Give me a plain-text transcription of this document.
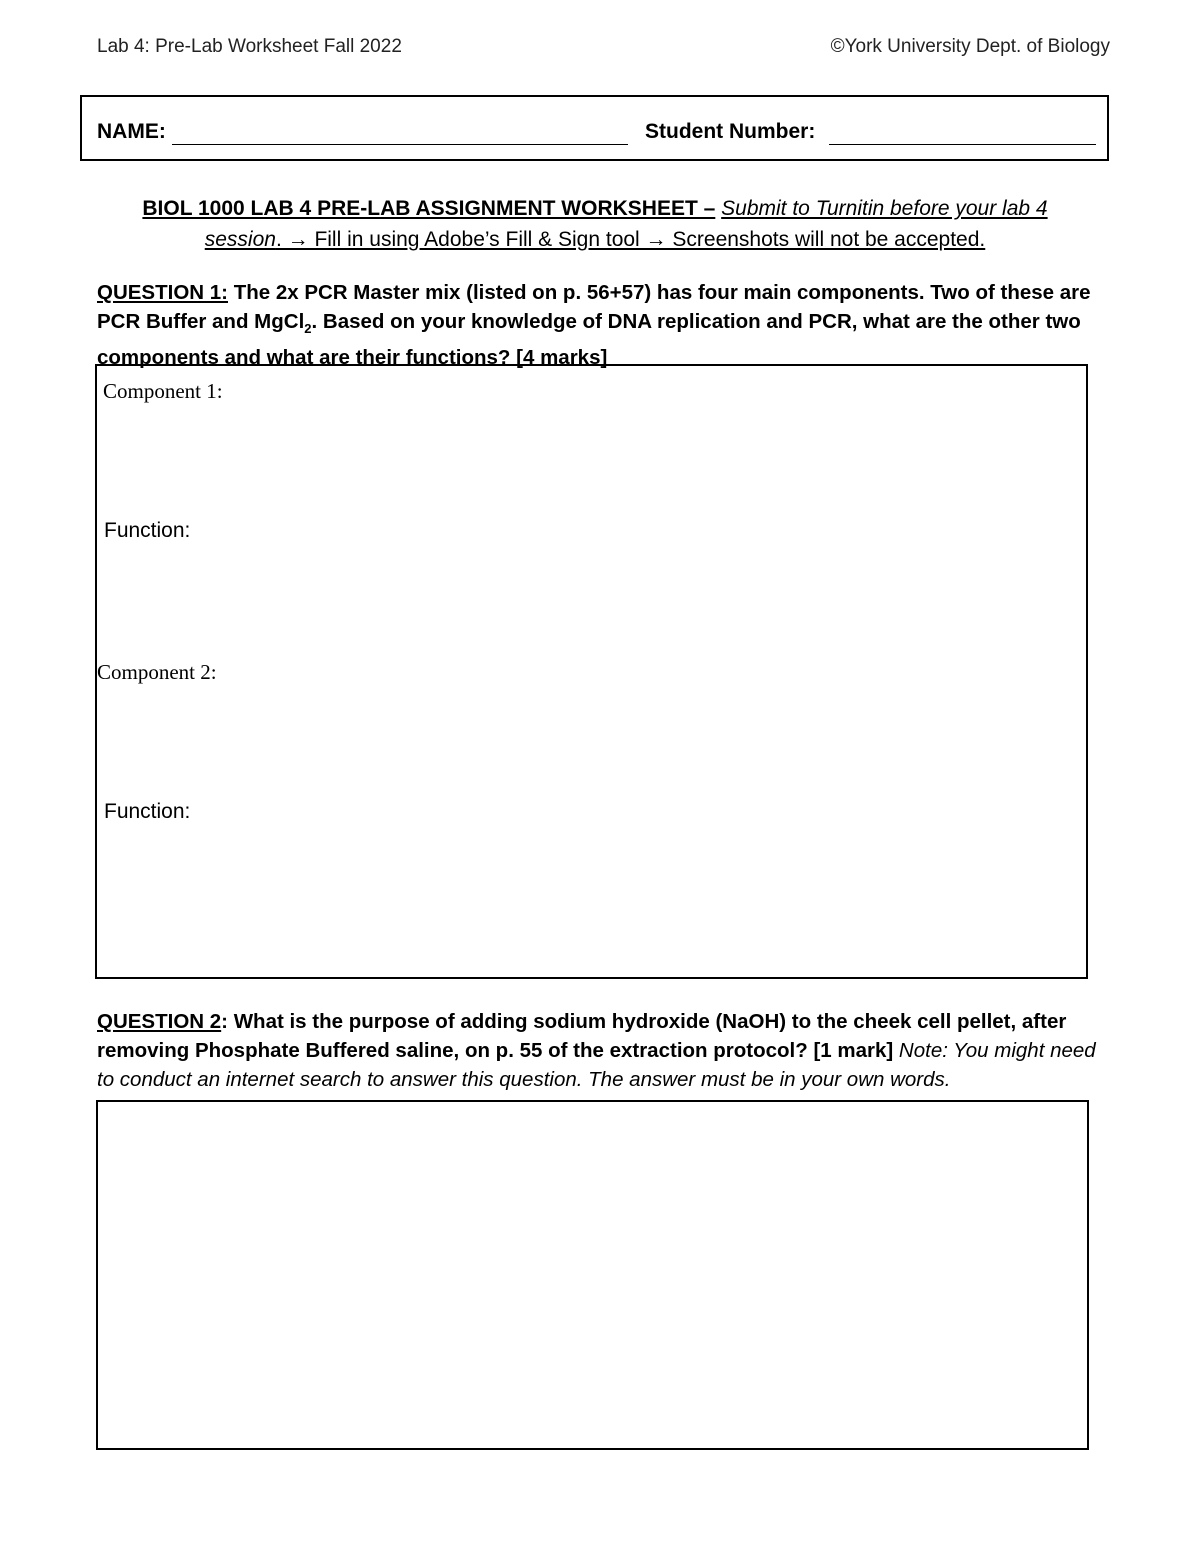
Lab 4: Pre-Lab Worksheet Fall 2022	©York University Dept. of Biology
NAME:	Student Number:
BIOL 1000 LAB 4 PRE-LAB ASSIGNMENT WORKSHEET – Submit to Turnitin before your lab 4
session. → Fill in using Adobe’s Fill & Sign tool → Screenshots will not be accepted.
QUESTION 1: The 2x PCR Master mix (listed on p. 56+57) has four main components. Two of these are PCR Buffer and MgCl$_2$. Based on your knowledge of DNA replication and PCR, what are the other two components and what are their functions? [4 marks]
Component 1:
Function:
Component 2:
Function:
QUESTION 2: What is the purpose of adding sodium hydroxide (NaOH) to the cheek cell pellet, after removing Phosphate Buffered saline, on p. 55 of the extraction protocol? [1 mark] Note: You might need to conduct an internet search to answer this question. The answer must be in your own words.
